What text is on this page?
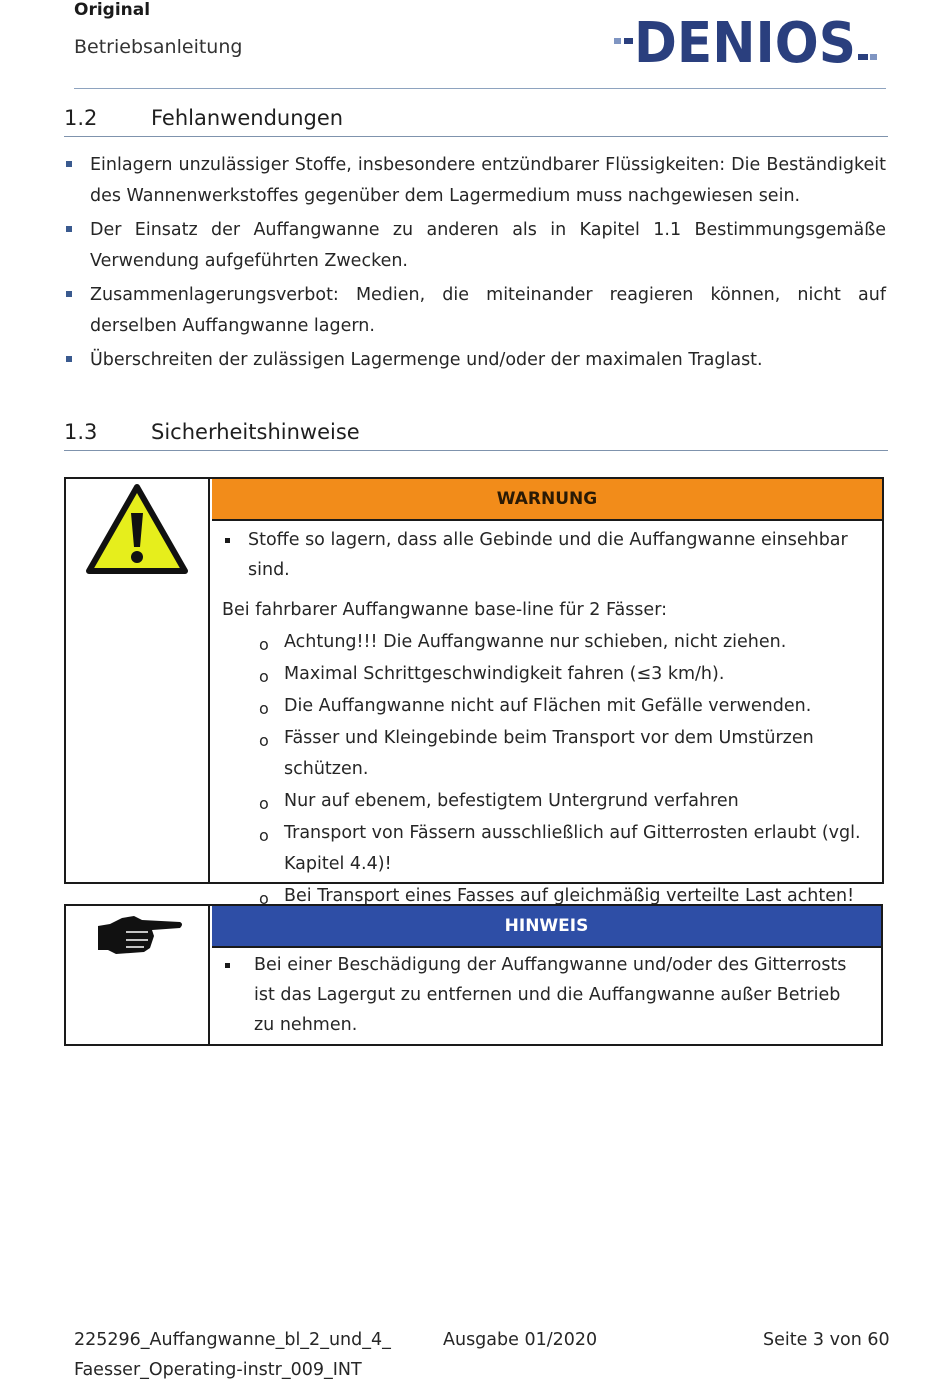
Original
Betriebsanleitung	DENIOS
1.2	Fehlanwendungen
Einlagern unzulässiger Stoffe, insbesondere entzündbarer Flüssigkeiten: Die Beständigkeit des Wannenwerkstoffes gegenüber dem Lagermedium muss nachgewiesen sein.
Der Einsatz der Auffangwanne zu anderen als in Kapitel 1.1 Bestimmungsgemäße Verwendung aufgeführten Zwecken.
Zusammenlagerungsverbot: Medien, die miteinander reagieren können, nicht auf derselben Auffangwanne lagern.
Überschreiten der zulässigen Lagermenge und/oder der maximalen Traglast.
1.3	Sicherheitshinweise
WARNUNG
Stoffe so lagern, dass alle Gebinde und die Auffangwanne einsehbar sind.
Bei fahrbarer Auffangwanne base-line für 2 Fässer:
o Achtung!!! Die Auffangwanne nur schieben, nicht ziehen.
o Maximal Schrittgeschwindigkeit fahren (≤3 km/h).
o Die Auffangwanne nicht auf Flächen mit Gefälle verwenden.
o Fässer und Kleingebinde beim Transport vor dem Umstürzen schützen.
o Nur auf ebenem, befestigtem Untergrund verfahren
o Transport von Fässern ausschließlich auf Gitterrosten erlaubt (vgl. Kapitel 4.4)!
o Bei Transport eines Fasses auf gleichmäßig verteilte Last achten!
HINWEIS
Bei einer Beschädigung der Auffangwanne und/oder des Gitterrosts ist das Lagergut zu entfernen und die Auffangwanne außer Betrieb zu nehmen.
225296_Auffangwanne_bl_2_und_4_
Faesser_Operating-instr_009_INT
Ausgabe 01/2020	Seite 3 von 60
